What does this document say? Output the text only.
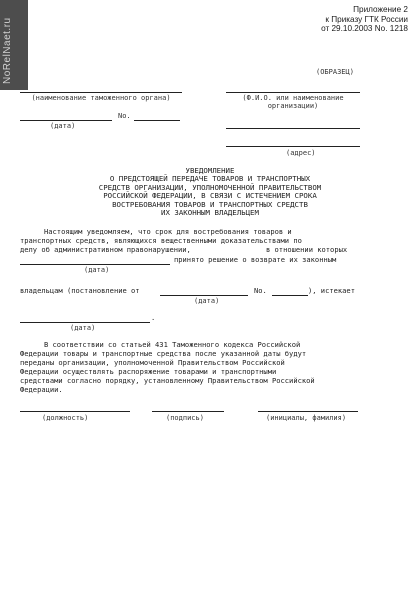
NoRelNaet.ru
Приложение 2
к Приказу ГТК России
от 29.10.2003 No. 1218
(ОБРАЗЕЦ)
(наименование таможенного органа)	(Ф.И.О. или наименование
организации)
No.
(дата)
(адрес)
УВЕДОМЛЕНИЕ
О ПРЕДСТОЯЩЕЙ ПЕРЕДАЧЕ ТОВАРОВ И ТРАНСПОРТНЫХ
СРЕДСТВ ОРГАНИЗАЦИИ, УПОЛНОМОЧЕННОЙ ПРАВИТЕЛЬСТВОМ
РОССИЙСКОЙ ФЕДЕРАЦИИ, В СВЯЗИ С ИСТЕЧЕНИЕМ СРОКА
ВОСТРЕБОВАНИЯ ТОВАРОВ И ТРАНСПОРТНЫХ СРЕДСТВ
ИХ ЗАКОННЫМ ВЛАДЕЛЬЦЕМ
Настоящим уведомляем, что срок для востребования товаров и
транспортных средств, являющихся вещественными доказательствами по
делу об административном правонарушении,	в отношении которых
принято решение о возврате их законным
(дата)
владельцам (постановление от	No.	), истекает
(дата)
.
(дата)
В соответствии со статьей 431 Таможенного кодекса Российской
Федерации товары и транспортные средства после указанной даты будут
переданы организации, уполномоченной Правительством Российской
Федерации осуществлять распоряжение товарами и транспортными
средствами согласно порядку, установленному Правительством Российской
Федерации.
(должность)	(подпись)	(инициалы, фамилия)
